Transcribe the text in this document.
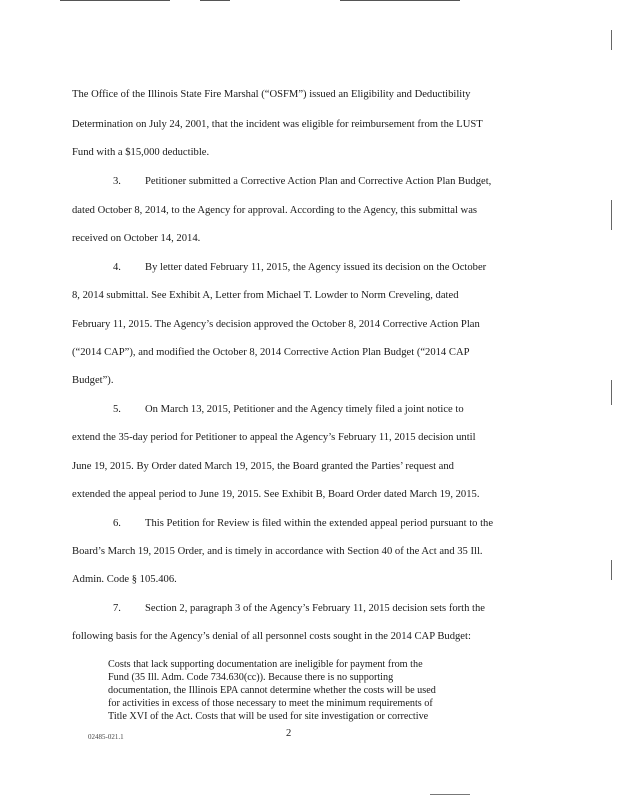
The Office of the Illinois State Fire Marshal (“OSFM”) issued an Eligibility and Deductibility
Determination on July 24, 2001, that the incident was eligible for reimbursement from the LUST
Fund with a $15,000 deductible.
3. Petitioner submitted a Corrective Action Plan and Corrective Action Plan Budget,
dated October 8, 2014, to the Agency for approval. According to the Agency, this submittal was
received on October 14, 2014.
4. By letter dated February 11, 2015, the Agency issued its decision on the October
8, 2014 submittal. See Exhibit A, Letter from Michael T. Lowder to Norm Creveling, dated
February 11, 2015. The Agency’s decision approved the October 8, 2014 Corrective Action Plan
(“2014 CAP”), and modified the October 8, 2014 Corrective Action Plan Budget (“2014 CAP
Budget”).
5. On March 13, 2015, Petitioner and the Agency timely filed a joint notice to
extend the 35-day period for Petitioner to appeal the Agency’s February 11, 2015 decision until
June 19, 2015. By Order dated March 19, 2015, the Board granted the Parties’ request and
extended the appeal period to June 19, 2015. See Exhibit B, Board Order dated March 19, 2015.
6. This Petition for Review is filed within the extended appeal period pursuant to the
Board’s March 19, 2015 Order, and is timely in accordance with Section 40 of the Act and 35 Ill.
Admin. Code § 105.406.
7. Section 2, paragraph 3 of the Agency’s February 11, 2015 decision sets forth the
following basis for the Agency’s denial of all personnel costs sought in the 2014 CAP Budget:
Costs that lack supporting documentation are ineligible for payment from the
Fund (35 Ill. Adm. Code 734.630(cc)). Because there is no supporting
documentation, the Illinois EPA cannot determine whether the costs will be used
for activities in excess of those necessary to meet the minimum requirements of
Title XVI of the Act. Costs that will be used for site investigation or corrective
02485-021.1	2
